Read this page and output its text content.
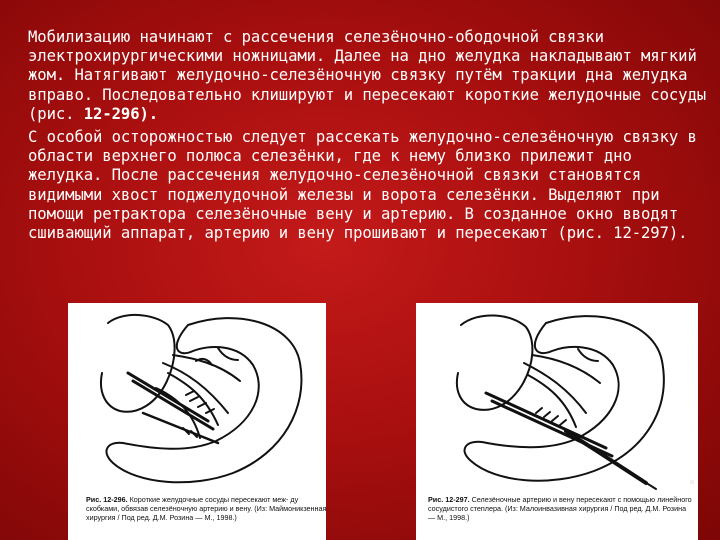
Мобилизацию начинают с рассечения селезёночно-ободочной связки электрохирургическими ножницами. Далее на дно желудка накладывают мягкий жом. Натягивают желудочно-селезёночную связку путём тракции дна желудка вправо. Последовательно клишируют и пересекают короткие желудочные сосуды (рис. 12-296).

С особой осторожностью следует рассекать желудочно-селезёночную связку в области верхнего полюса селезёнки, где к нему близко прилежит дно желудка. После рассечения желудочно-селезёночной связки становятся видимыми хвост поджелудочной железы и ворота селезёнки. Выделяют при помощи ретрактора селезёночные вену и артерию. В созданное окно вводят сшивающий аппарат, артерию и вену прошивают и пересекают (рис. 12-297).

Рис. 12-296. Короткие желудочные сосуды пересекают меж- ду скобками, обвязав селезёночную артерию и вену. (Из: Маймоникзенная хирургия / Под ред. Д.М. Розина — М., 1998.)
Рис. 12-297. Селезёночные артерию и вену пересекают с помощью линейного сосудистого степлера. (Из: Малоинвазивная хирургия / Под ред. Д.М. Розина — М., 1998.)
